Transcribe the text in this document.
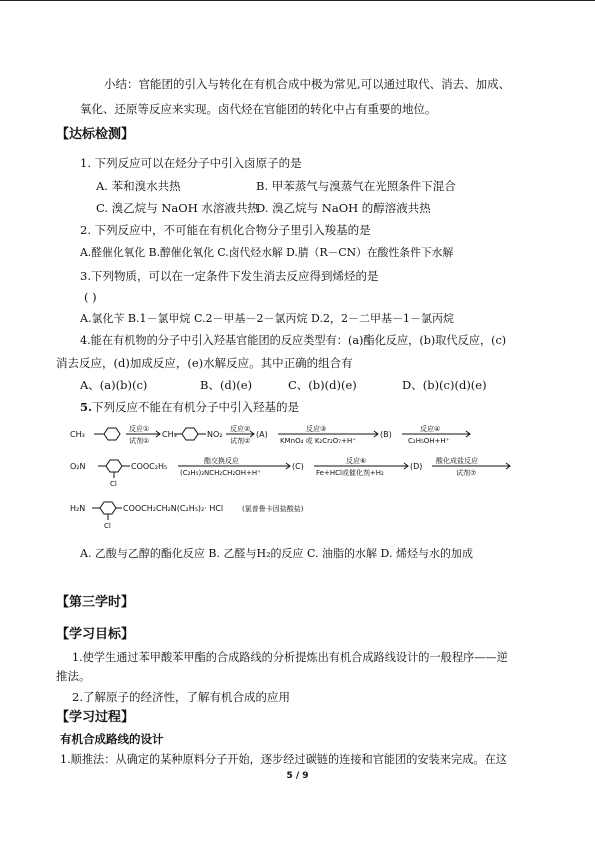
小结：官能团的引入与转化在有机合成中极为常见,可以通过取代、消去、加成、
氧化、还原等反应来实现。卤代烃在官能团的转化中占有重要的地位。
【达标检测】
1. 下列反应可以在烃分子中引入卤原子的是
A. 苯和溴水共热	B. 甲苯蒸气与溴蒸气在光照条件下混合
C. 溴乙烷与 NaOH 水溶液共热
D. 溴乙烷与 NaOH 的醇溶液共热
2. 下列反应中，不可能在有机化合物分子里引入羧基的是
A.醛催化氧化 B.醇催化氧化 C.卤代烃水解 D.腈（R－CN）在酸性条件下水解
3.下列物质，可以在一定条件下发生消去反应得到烯烃的是
( )
A.氯化苄 B.1－氯甲烷 C.2－甲基－2－氯丙烷 D.2，2－二甲基－1－氯丙烷
4.能在有机物的分子中引入羟基官能团的反应类型有：(a)酯化反应，(b)取代反应，(c)
消去反应，(d)加成反应，(e)水解反应。其中正确的组合有
A、(a)(b)(c)	B、(d)(e)	C、(b)(d)(e)	D、(b)(c)(d)(e)
5.下列反应不能在有机分子中引入羟基的是
CH₃
反应①
试剂①
CH₃	NO₂
反应②
试剂②
(A)
反应③
KMnO₄ 或 K₂Cr₂O₇+H⁺
(B)
反应④
C₂H₅OH+H⁺
O₂N	COOC₂H₅
酯交换反应
(C₂H₅)₂NCH₂CH₂OH+H⁺
(C)
反应⑥
Fe+HCl或催化剂+H₂
(D)
酸化成盐反应
试剂⑦
Cl
H₂N	COOCH₂CH₂N(C₂H₅)₂· HCl	(氯普鲁卡因盐酸盐)
Cl
A. 乙酸与乙醇的酯化反应 B. 乙醛与H₂的反应 C. 油脂的水解 D. 烯烃与水的加成
【第三学时】
【学习目标】
1.使学生通过苯甲酸苯甲酯的合成路线的分析提炼出有机合成路线设计的一般程序——逆
推法。
2.了解原子的经济性，了解有机合成的应用
【学习过程】
有机合成路线的设计
1.顺推法：从确定的某种原料分子开始，逐步经过碳链的连接和官能团的安装来完成。在这
5 / 9
